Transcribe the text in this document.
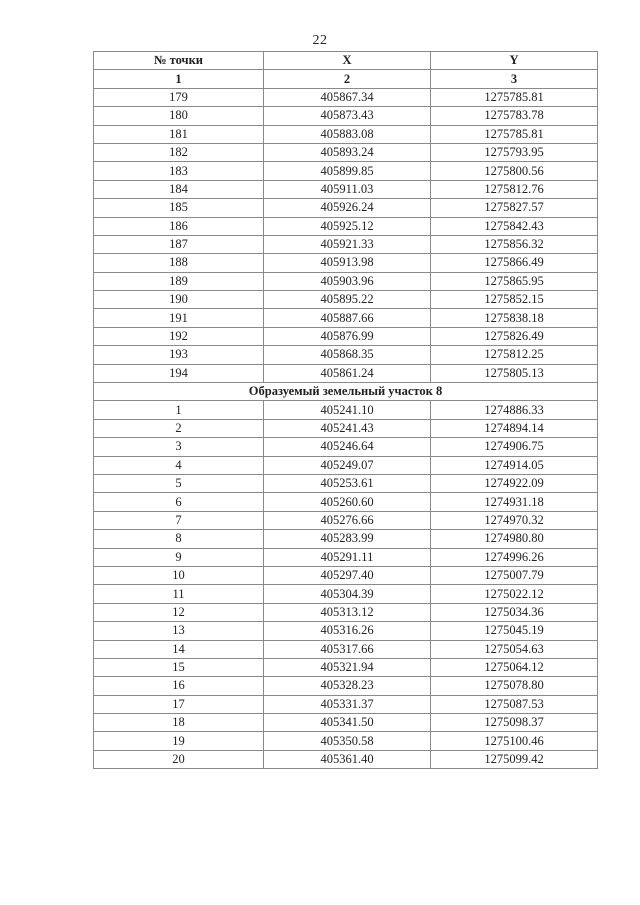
22
№ точки	X	Y
1	2	3
179	405867.34	1275785.81
180	405873.43	1275783.78
181	405883.08	1275785.81
182	405893.24	1275793.95
183	405899.85	1275800.56
184	405911.03	1275812.76
185	405926.24	1275827.57
186	405925.12	1275842.43
187	405921.33	1275856.32
188	405913.98	1275866.49
189	405903.96	1275865.95
190	405895.22	1275852.15
191	405887.66	1275838.18
192	405876.99	1275826.49
193	405868.35	1275812.25
194	405861.24	1275805.13
Образуемый земельный участок 8		
1	405241.10	1274886.33
2	405241.43	1274894.14
3	405246.64	1274906.75
4	405249.07	1274914.05
5	405253.61	1274922.09
6	405260.60	1274931.18
7	405276.66	1274970.32
8	405283.99	1274980.80
9	405291.11	1274996.26
10	405297.40	1275007.79
11	405304.39	1275022.12
12	405313.12	1275034.36
13	405316.26	1275045.19
14	405317.66	1275054.63
15	405321.94	1275064.12
16	405328.23	1275078.80
17	405331.37	1275087.53
18	405341.50	1275098.37
19	405350.58	1275100.46
20	405361.40	1275099.42
